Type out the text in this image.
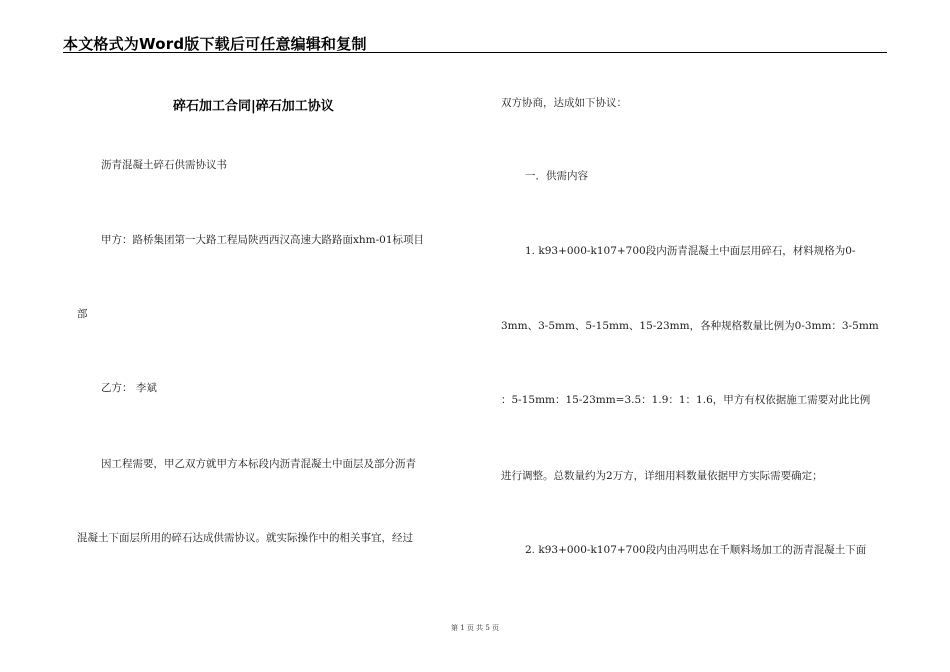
本文格式为Word版下载后可任意编辑和复制
碎石加工合同|碎石加工协议
沥青混凝土碎石供需协议书
甲方：路桥集团第一大路工程局陕西西汉高速大路路面xhm-01标项目
部
乙方： 李斌
因工程需要，甲乙双方就甲方本标段内沥青混凝土中面层及部分沥青
混凝土下面层所用的碎石达成供需协议。就实际操作中的相关事宜，经过
双方协商，达成如下协议：
一．供需内容
1. k93+000-k107+700段内沥青混凝土中面层用碎石，材料规格为0-
3mm、3-5mm、5-15mm、15-23mm，各种规格数量比例为0-3mm：3-5mm
：5-15mm：15-23mm=3.5：1.9：1：1.6，甲方有权依据施工需要对此比例
进行调整。总数量约为2万方，详细用料数量依据甲方实际需要确定；
2. k93+000-k107+700段内由冯明忠在千顺料场加工的沥青混凝土下面
第 1 页 共 5 页
